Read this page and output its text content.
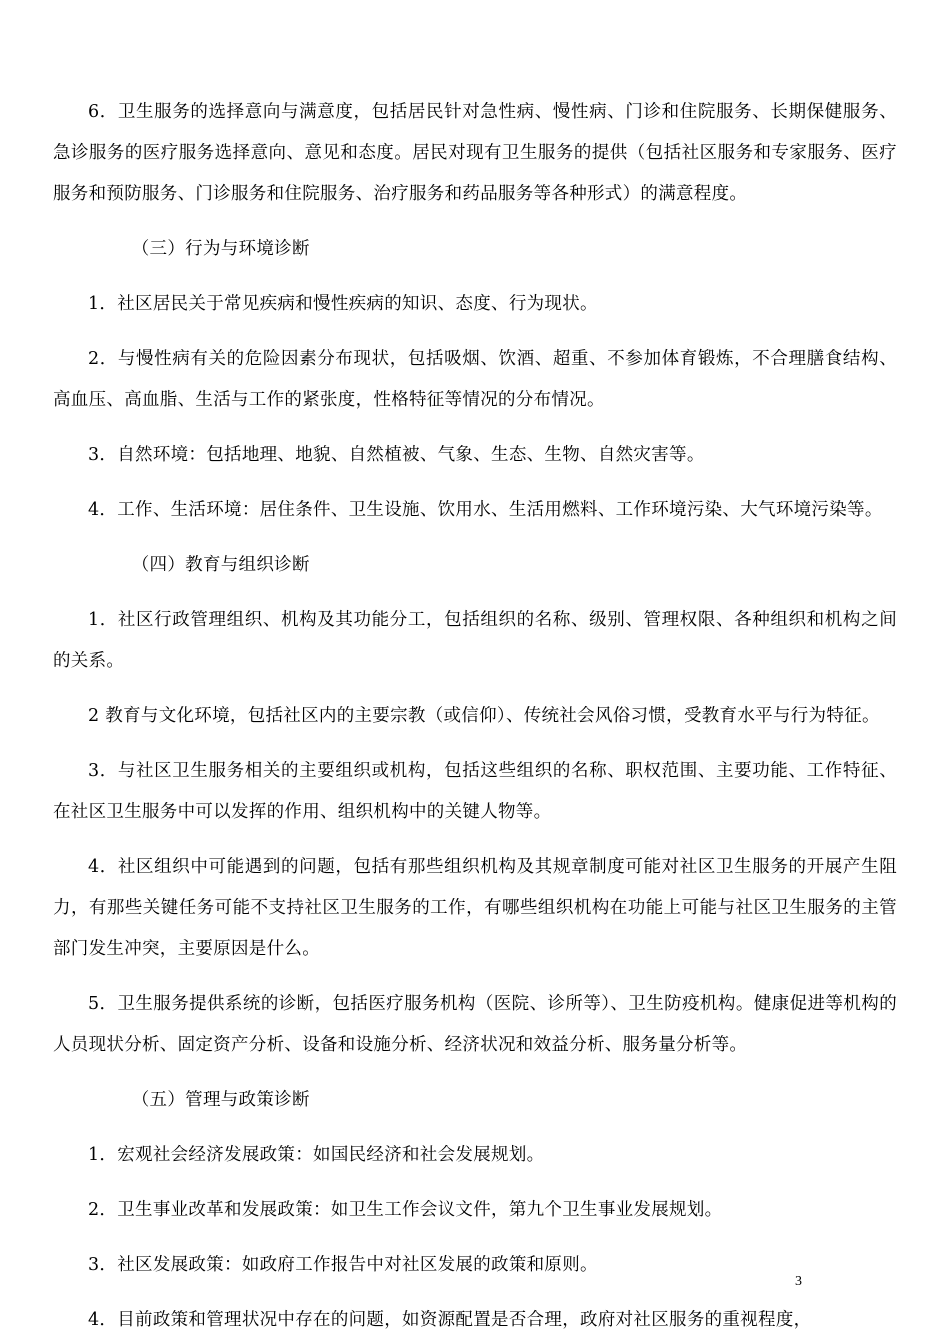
6．卫生服务的选择意向与满意度，包括居民针对急性病、慢性病、门诊和住院服务、长期保健服务、急诊服务的医疗服务选择意向、意见和态度。居民对现有卫生服务的提供（包括社区服务和专家服务、医疗服务和预防服务、门诊服务和住院服务、治疗服务和药品服务等各种形式）的满意程度。

（三）行为与环境诊断

1．社区居民关于常见疾病和慢性疾病的知识、态度、行为现状。

2．与慢性病有关的危险因素分布现状，包括吸烟、饮酒、超重、不参加体育锻炼，不合理膳食结构、高血压、高血脂、生活与工作的紧张度，性格特征等情况的分布情况。

3．自然环境：包括地理、地貌、自然植被、气象、生态、生物、自然灾害等。

4．工作、生活环境：居住条件、卫生设施、饮用水、生活用燃料、工作环境污染、大气环境污染等。

（四）教育与组织诊断

1．社区行政管理组织、机构及其功能分工，包括组织的名称、级别、管理权限、各种组织和机构之间的关系。

2 教育与文化环境，包括社区内的主要宗教（或信仰）、传统社会风俗习惯，受教育水平与行为特征。

3．与社区卫生服务相关的主要组织或机构，包括这些组织的名称、职权范围、主要功能、工作特征、在社区卫生服务中可以发挥的作用、组织机构中的关键人物等。

4．社区组织中可能遇到的问题，包括有那些组织机构及其规章制度可能对社区卫生服务的开展产生阻力，有那些关键任务可能不支持社区卫生服务的工作，有哪些组织机构在功能上可能与社区卫生服务的主管部门发生冲突，主要原因是什么。

5．卫生服务提供系统的诊断，包括医疗服务机构（医院、诊所等）、卫生防疫机构。健康促进等机构的人员现状分析、固定资产分析、设备和设施分析、经济状况和效益分析、服务量分析等。

（五）管理与政策诊断

1．宏观社会经济发展政策：如国民经济和社会发展规划。

2．卫生事业改革和发展政策：如卫生工作会议文件，第九个卫生事业发展规划。

3．社区发展政策：如政府工作报告中对社区发展的政策和原则。

4．目前政策和管理状况中存在的问题，如资源配置是否合理，政府对社区服务的重视程度，

3
